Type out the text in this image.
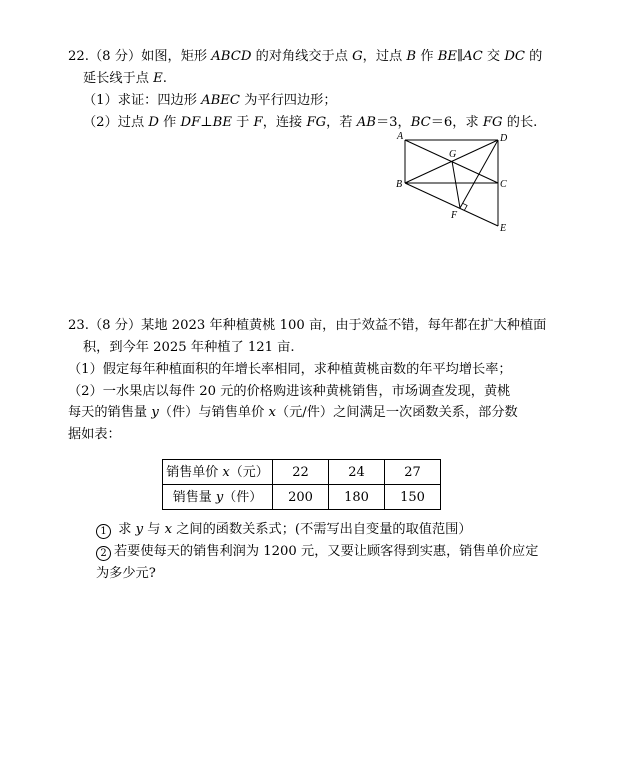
22.（8 分）如图，矩形 ABCD 的对角线交于点 G，过点 B 作 BE∥AC 交 DC 的
延长线于点 E.
（1）求证：四边形 ABEC 为平行四边形；
（2）过点 D 作 DF⊥BE 于 F，连接 FG，若 AB＝3，BC＝6，求 FG 的长.
A	D
G
B	C
F
E
23.（8 分）某地 2023 年种植黄桃 100 亩，由于效益不错，每年都在扩大种植面
积，到今年 2025 年种植了 121 亩.
（1）假定每年种植面积的年增长率相同，求种植黄桃亩数的年平均增长率；
（2）一水果店以每件 20 元的价格购进该种黄桃销售，市场调查发现，黄桃
每天的销售量 y（件）与销售单价 x（元/件）之间满足一次函数关系，部分数
据如表：
销售单价 x（元）	22	24	27
销售量 y（件）	200	180	150
1 求 y 与 x 之间的函数关系式；(不需写出自变量的取值范围）
2 若要使每天的销售利润为 1200 元，又要让顾客得到实惠，销售单价应定
为多少元?
